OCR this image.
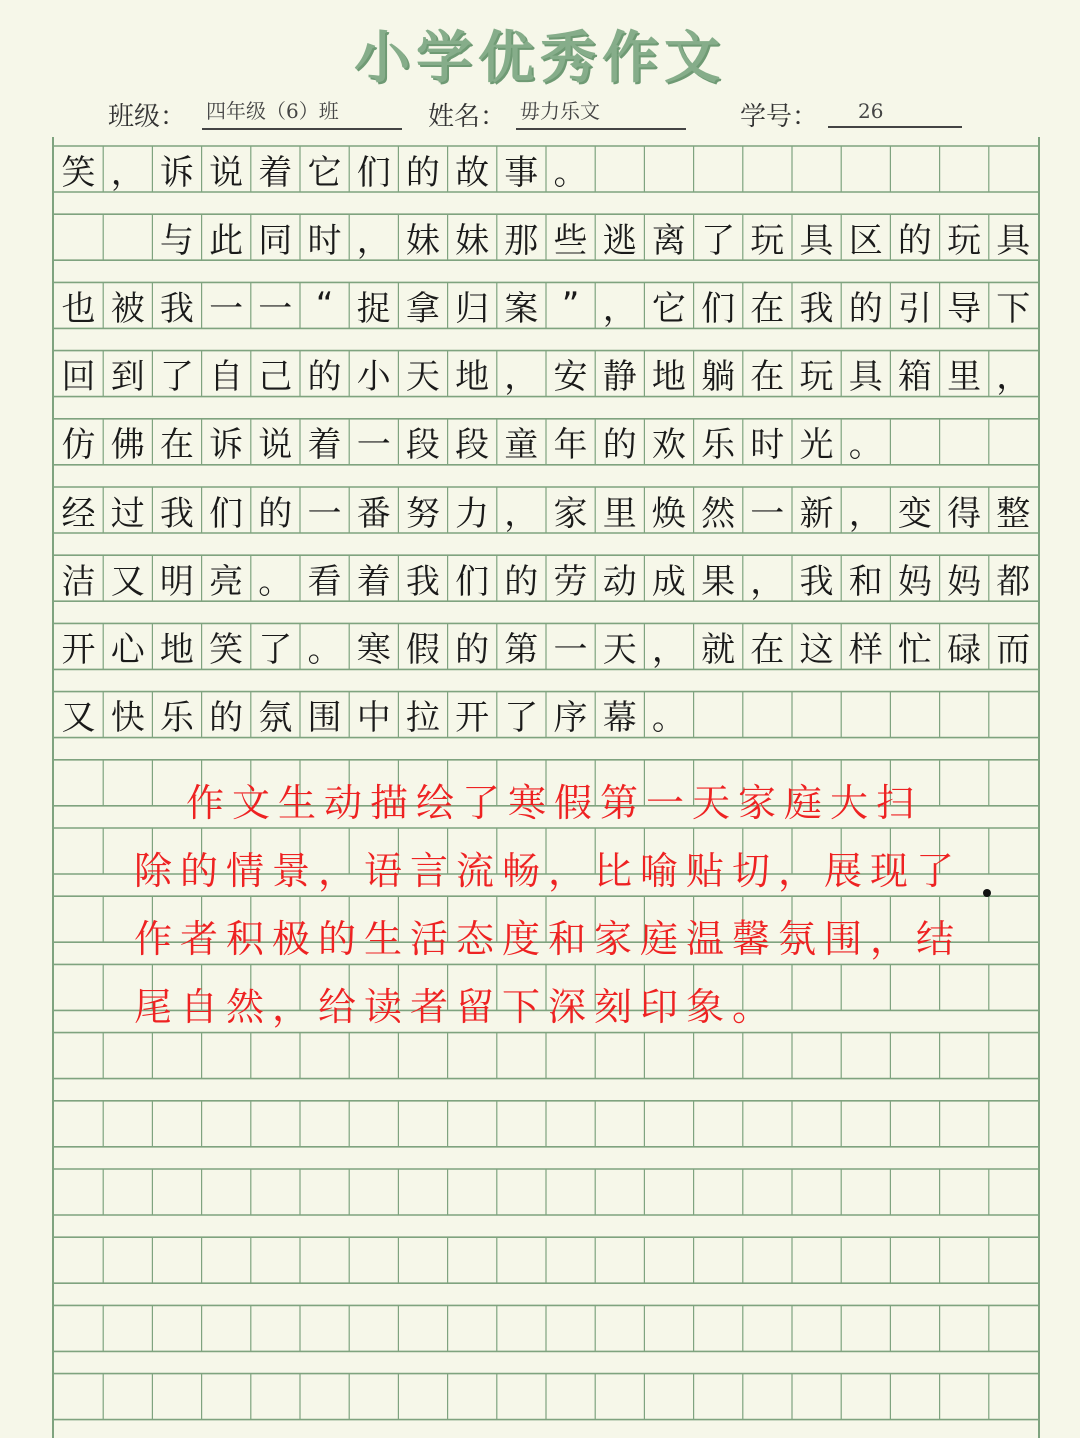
小学优秀作文
班级： 四年级（6）班	姓名： 毋力乐文	学号：	26
笑 ， 诉 说 着 它 们 的 故 事 。
与 此 同 时 ， 妹 妹 那 些 逃 离 了 玩 具 区 的 玩 具
也 被 我 一 一 “ 捉 拿 归 案 ” ， 它 们 在 我 的 引 导 下
回 到 了 自 己 的 小 天 地 ， 安 静 地 躺 在 玩 具 箱 里 ，
仿 佛 在 诉 说 着 一 段 段 童 年 的 欢 乐 时 光 。
经 过 我 们 的 一 番 努 力 ， 家 里 焕 然 一 新 ， 变 得 整
洁 又 明 亮 。 看 着 我 们 的 劳 动 成 果 ， 我 和 妈 妈 都
开 心 地 笑 了 。 寒 假 的 第 一 天 ， 就 在 这 样 忙 碌 而
又 快 乐 的 氛 围 中 拉 开 了 序 幕 。
作文生动描绘了寒假第一天家庭大扫
除的情景，语言流畅，比喻贴切，展现了
作者积极的生活态度和家庭温馨氛围，结
尾自然，给读者留下深刻印象。
